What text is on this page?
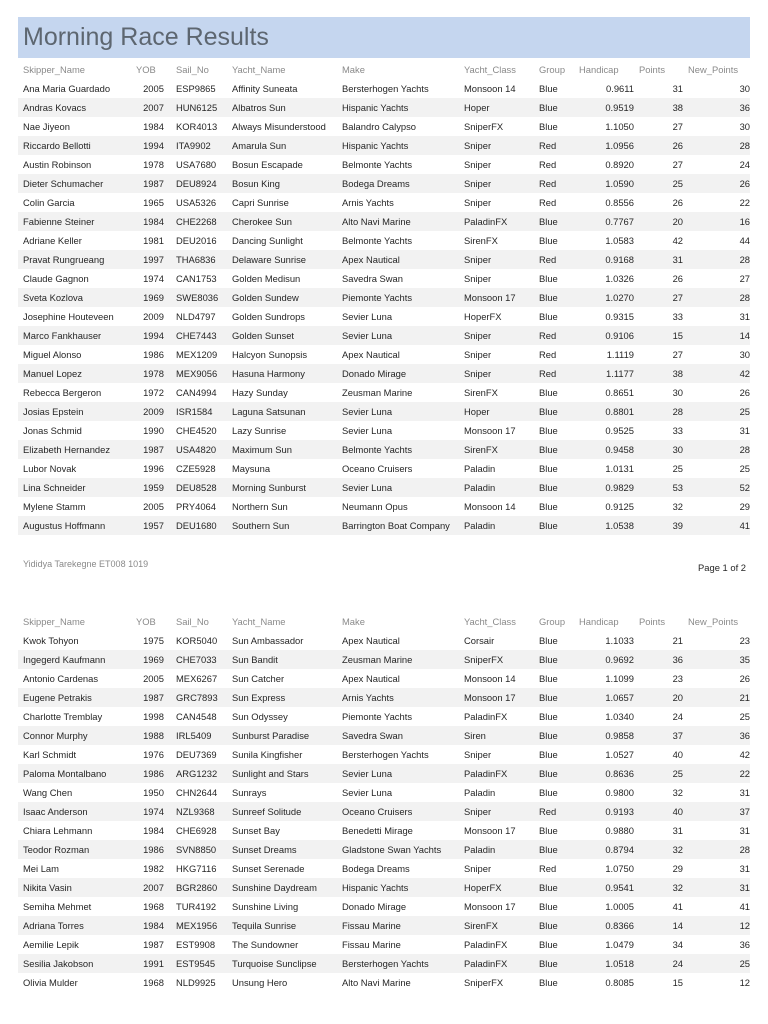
Morning Race Results
Skipper_Name	YOB	Sail_No	Yacht_Name	Make	Yacht_Class	Group	Handicap	Points	New_Points
Ana Maria Guardado	2005	ESP9865	Affinity Suneata	Bersterhogen Yachts	Monsoon 14	Blue	0.9611	31	30
Andras Kovacs	2007	HUN6125	Albatros Sun	Hispanic Yachts	Hoper	Blue	0.9519	38	36
Nae Jiyeon	1984	KOR4013	Always Misunderstood	Balandro Calypso	SniperFX	Blue	1.1050	27	30
Riccardo Bellotti	1994	ITA9902	Amarula Sun	Hispanic Yachts	Sniper	Red	1.0956	26	28
Austin Robinson	1978	USA7680	Bosun Escapade	Belmonte Yachts	Sniper	Red	0.8920	27	24
Dieter Schumacher	1987	DEU8924	Bosun King	Bodega Dreams	Sniper	Red	1.0590	25	26
Colin Garcia	1965	USA5326	Capri Sunrise	Arnis Yachts	Sniper	Red	0.8556	26	22
Fabienne Steiner	1984	CHE2268	Cherokee Sun	Alto Navi Marine	PaladinFX	Blue	0.7767	20	16
Adriane Keller	1981	DEU2016	Dancing Sunlight	Belmonte Yachts	SirenFX	Blue	1.0583	42	44
Pravat Rungrueang	1997	THA6836	Delaware Sunrise	Apex Nautical	Sniper	Red	0.9168	31	28
Claude Gagnon	1974	CAN1753	Golden Medisun	Savedra Swan	Sniper	Blue	1.0326	26	27
Sveta Kozlova	1969	SWE8036	Golden Sundew	Piemonte Yachts	Monsoon 17	Blue	1.0270	27	28
Josephine Houteveen	2009	NLD4797	Golden Sundrops	Sevier Luna	HoperFX	Blue	0.9315	33	31
Marco Fankhauser	1994	CHE7443	Golden Sunset	Sevier Luna	Sniper	Red	0.9106	15	14
Miguel Alonso	1986	MEX1209	Halcyon Sunopsis	Apex Nautical	Sniper	Red	1.1119	27	30
Manuel Lopez	1978	MEX9056	Hasuna Harmony	Donado Mirage	Sniper	Red	1.1177	38	42
Rebecca Bergeron	1972	CAN4994	Hazy Sunday	Zeusman Marine	SirenFX	Blue	0.8651	30	26
Josias Epstein	2009	ISR1584	Laguna Satsunan	Sevier Luna	Hoper	Blue	0.8801	28	25
Jonas Schmid	1990	CHE4520	Lazy Sunrise	Sevier Luna	Monsoon 17	Blue	0.9525	33	31
Elizabeth Hernandez	1987	USA4820	Maximum Sun	Belmonte Yachts	SirenFX	Blue	0.9458	30	28
Lubor Novak	1996	CZE5928	Maysuna	Oceano Cruisers	Paladin	Blue	1.0131	25	25
Lina Schneider	1959	DEU8528	Morning Sunburst	Sevier Luna	Paladin	Blue	0.9829	53	52
Mylene Stamm	2005	PRY4064	Northern Sun	Neumann Opus	Monsoon 14	Blue	0.9125	32	29
Augustus Hoffmann	1957	DEU1680	Southern Sun	Barrington Boat Company	Paladin	Blue	1.0538	39	41
Yididya Tarekegne ET008 1019	Page 1 of 2
Skipper_Name	YOB	Sail_No	Yacht_Name	Make	Yacht_Class	Group	Handicap	Points	New_Points
Kwok Tohyon	1975	KOR5040	Sun Ambassador	Apex Nautical	Corsair	Blue	1.1033	21	23
Ingegerd Kaufmann	1969	CHE7033	Sun Bandit	Zeusman Marine	SniperFX	Blue	0.9692	36	35
Antonio Cardenas	2005	MEX6267	Sun Catcher	Apex Nautical	Monsoon 14	Blue	1.1099	23	26
Eugene Petrakis	1987	GRC7893	Sun Express	Arnis Yachts	Monsoon 17	Blue	1.0657	20	21
Charlotte Tremblay	1998	CAN4548	Sun Odyssey	Piemonte Yachts	PaladinFX	Blue	1.0340	24	25
Connor Murphy	1988	IRL5409	Sunburst Paradise	Savedra Swan	Siren	Blue	0.9858	37	36
Karl Schmidt	1976	DEU7369	Sunila Kingfisher	Bersterhogen Yachts	Sniper	Blue	1.0527	40	42
Paloma Montalbano	1986	ARG1232	Sunlight and Stars	Sevier Luna	PaladinFX	Blue	0.8636	25	22
Wang Chen	1950	CHN2644	Sunrays	Sevier Luna	Paladin	Blue	0.9800	32	31
Isaac Anderson	1974	NZL9368	Sunreef Solitude	Oceano Cruisers	Sniper	Red	0.9193	40	37
Chiara Lehmann	1984	CHE6928	Sunset Bay	Benedetti Mirage	Monsoon 17	Blue	0.9880	31	31
Teodor Rozman	1986	SVN8850	Sunset Dreams	Gladstone Swan Yachts	Paladin	Blue	0.8794	32	28
Mei Lam	1982	HKG7116	Sunset Serenade	Bodega Dreams	Sniper	Red	1.0750	29	31
Nikita Vasin	2007	BGR2860	Sunshine Daydream	Hispanic Yachts	HoperFX	Blue	0.9541	32	31
Semiha Mehmet	1968	TUR4192	Sunshine Living	Donado Mirage	Monsoon 17	Blue	1.0005	41	41
Adriana Torres	1984	MEX1956	Tequila Sunrise	Fissau Marine	SirenFX	Blue	0.8366	14	12
Aemilie Lepik	1987	EST9908	The Sundowner	Fissau Marine	PaladinFX	Blue	1.0479	34	36
Sesilia Jakobson	1991	EST9545	Turquoise Sunclipse	Bersterhogen Yachts	PaladinFX	Blue	1.0518	24	25
Olivia Mulder	1968	NLD9925	Unsung Hero	Alto Navi Marine	SniperFX	Blue	0.8085	15	12
